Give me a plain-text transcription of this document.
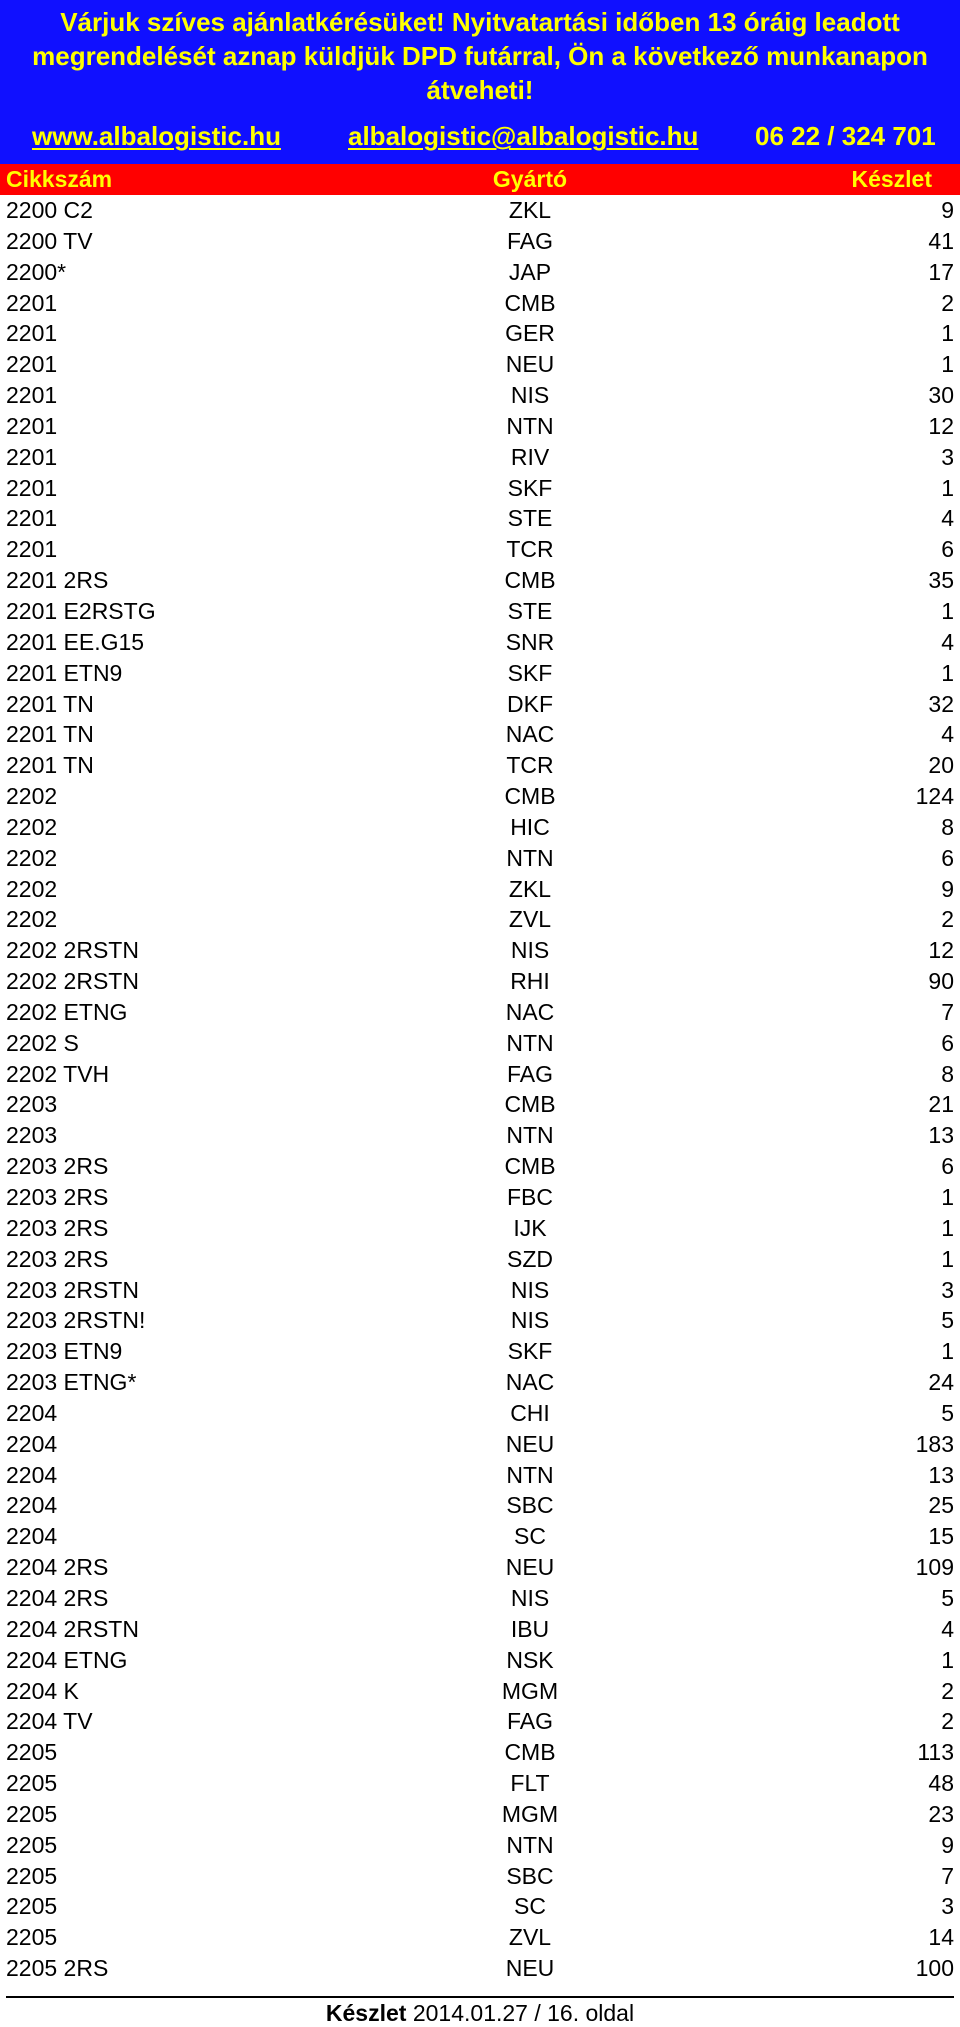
Várjuk szíves ajánlatkérésüket! Nyitvatartási időben 13 óráig leadott
megrendelését aznap küldjük DPD futárral, Ön a következő munkanapon
átveheti!
www.albalogistic.hu	albalogistic@albalogistic.hu 06 22 / 324 701
Cikkszám	Gyártó	Készlet
2200 C2	ZKL	9
2200 TV	FAG	41
2200*	JAP	17
2201	CMB	2
2201	GER	1
2201	NEU	1
2201	NIS	30
2201	NTN	12
2201	RIV	3
2201	SKF	1
2201	STE	4
2201	TCR	6
2201 2RS	CMB	35
2201 E2RSTG	STE	1
2201 EE.G15	SNR	4
2201 ETN9	SKF	1
2201 TN	DKF	32
2201 TN	NAC	4
2201 TN	TCR	20
2202	CMB	124
2202	HIC	8
2202	NTN	6
2202	ZKL	9
2202	ZVL	2
2202 2RSTN	NIS	12
2202 2RSTN	RHI	90
2202 ETNG	NAC	7
2202 S	NTN	6
2202 TVH	FAG	8
2203	CMB	21
2203	NTN	13
2203 2RS	CMB	6
2203 2RS	FBC	1
2203 2RS	IJK	1
2203 2RS	SZD	1
2203 2RSTN	NIS	3
2203 2RSTN!	NIS	5
2203 ETN9	SKF	1
2203 ETNG*	NAC	24
2204	CHI	5
2204	NEU	183
2204	NTN	13
2204	SBC	25
2204	SC	15
2204 2RS	NEU	109
2204 2RS	NIS	5
2204 2RSTN	IBU	4
2204 ETNG	NSK	1
2204 K	MGM	2
2204 TV	FAG	2
2205	CMB	113
2205	FLT	48
2205	MGM	23
2205	NTN	9
2205	SBC	7
2205	SC	3
2205	ZVL	14
2205 2RS	NEU	100
Készlet 2014.01.27 / 16. oldal
